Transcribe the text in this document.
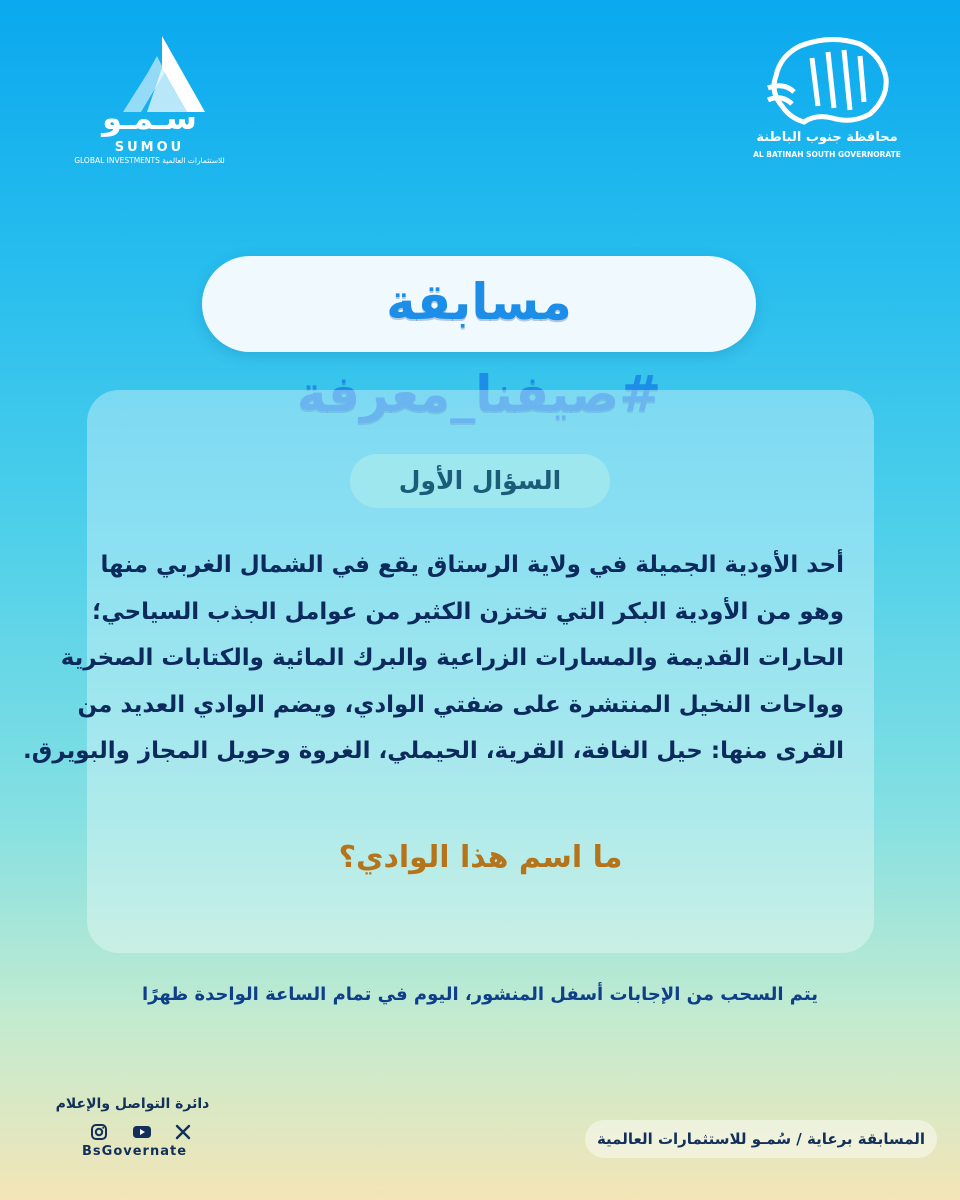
سـمـو
SUMOU
GLOBAL INVESTMENTS للاستثمارات العالمية
محافظة جنوب الباطنة
AL BATINAH SOUTH GOVERNORATE
مسابقة #صيفنا_معرفة
السؤال الأول
أحد الأودية الجميلة في ولاية الرستاق يقع في الشمال الغربي منها
وهو من الأودية البكر التي تختزن الكثير من عوامل الجذب السياحي؛
الحارات القديمة والمسارات الزراعية والبرك المائية والكتابات الصخرية
وواحات النخيل المنتشرة على ضفتي الوادي، ويضم الوادي العديد من
القرى منها: حيل الغافة، القرية، الحيملي، الغروة وحويل المجاز والبويرق.
ما اسم هذا الوادي؟
يتم السحب من الإجابات أسفل المنشور، اليوم في تمام الساعة الواحدة ظهرًا
دائرة التواصل والإعلام
BsGovernate
المسابقة برعاية / سُمـو للاستثمارات العالمية
